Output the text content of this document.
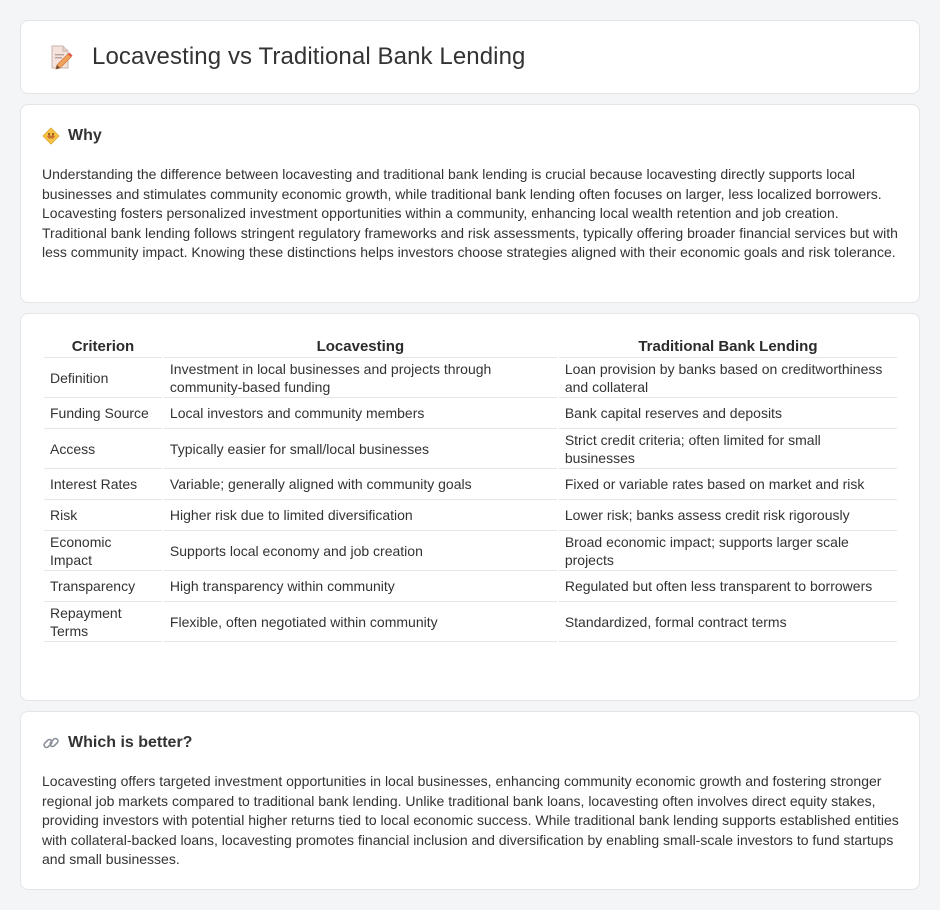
Locavesting vs Traditional Bank Lending
Why

Understanding the difference between locavesting and traditional bank lending is crucial because locavesting directly supports local businesses and stimulates community economic growth, while traditional bank lending often focuses on larger, less localized borrowers. Locavesting fosters personalized investment opportunities within a community, enhancing local wealth retention and job creation. Traditional bank lending follows stringent regulatory frameworks and risk assessments, typically offering broader financial services but with less community impact. Knowing these distinctions helps investors choose strategies aligned with their economic goals and risk tolerance.

Criterion	Locavesting	Traditional Bank Lending
Definition	Investment in local businesses and projects through community-based funding	Loan provision by banks based on creditworthiness and collateral
Funding Source	Local investors and community members	Bank capital reserves and deposits
Access	Typically easier for small/local businesses	Strict credit criteria; often limited for small businesses
Interest Rates	Variable; generally aligned with community goals	Fixed or variable rates based on market and risk
Risk	Higher risk due to limited diversification	Lower risk; banks assess credit risk rigorously
Economic Impact	Supports local economy and job creation	Broad economic impact; supports larger scale projects
Transparency	High transparency within community	Regulated but often less transparent to borrowers
Repayment Terms	Flexible, often negotiated within community	Standardized, formal contract terms
Which is better?

Locavesting offers targeted investment opportunities in local businesses, enhancing community economic growth and fostering stronger regional job markets compared to traditional bank lending. Unlike traditional bank loans, locavesting often involves direct equity stakes, providing investors with potential higher returns tied to local economic success. While traditional bank lending supports established entities with collateral-backed loans, locavesting promotes financial inclusion and diversification by enabling small-scale investors to fund startups and small businesses.
